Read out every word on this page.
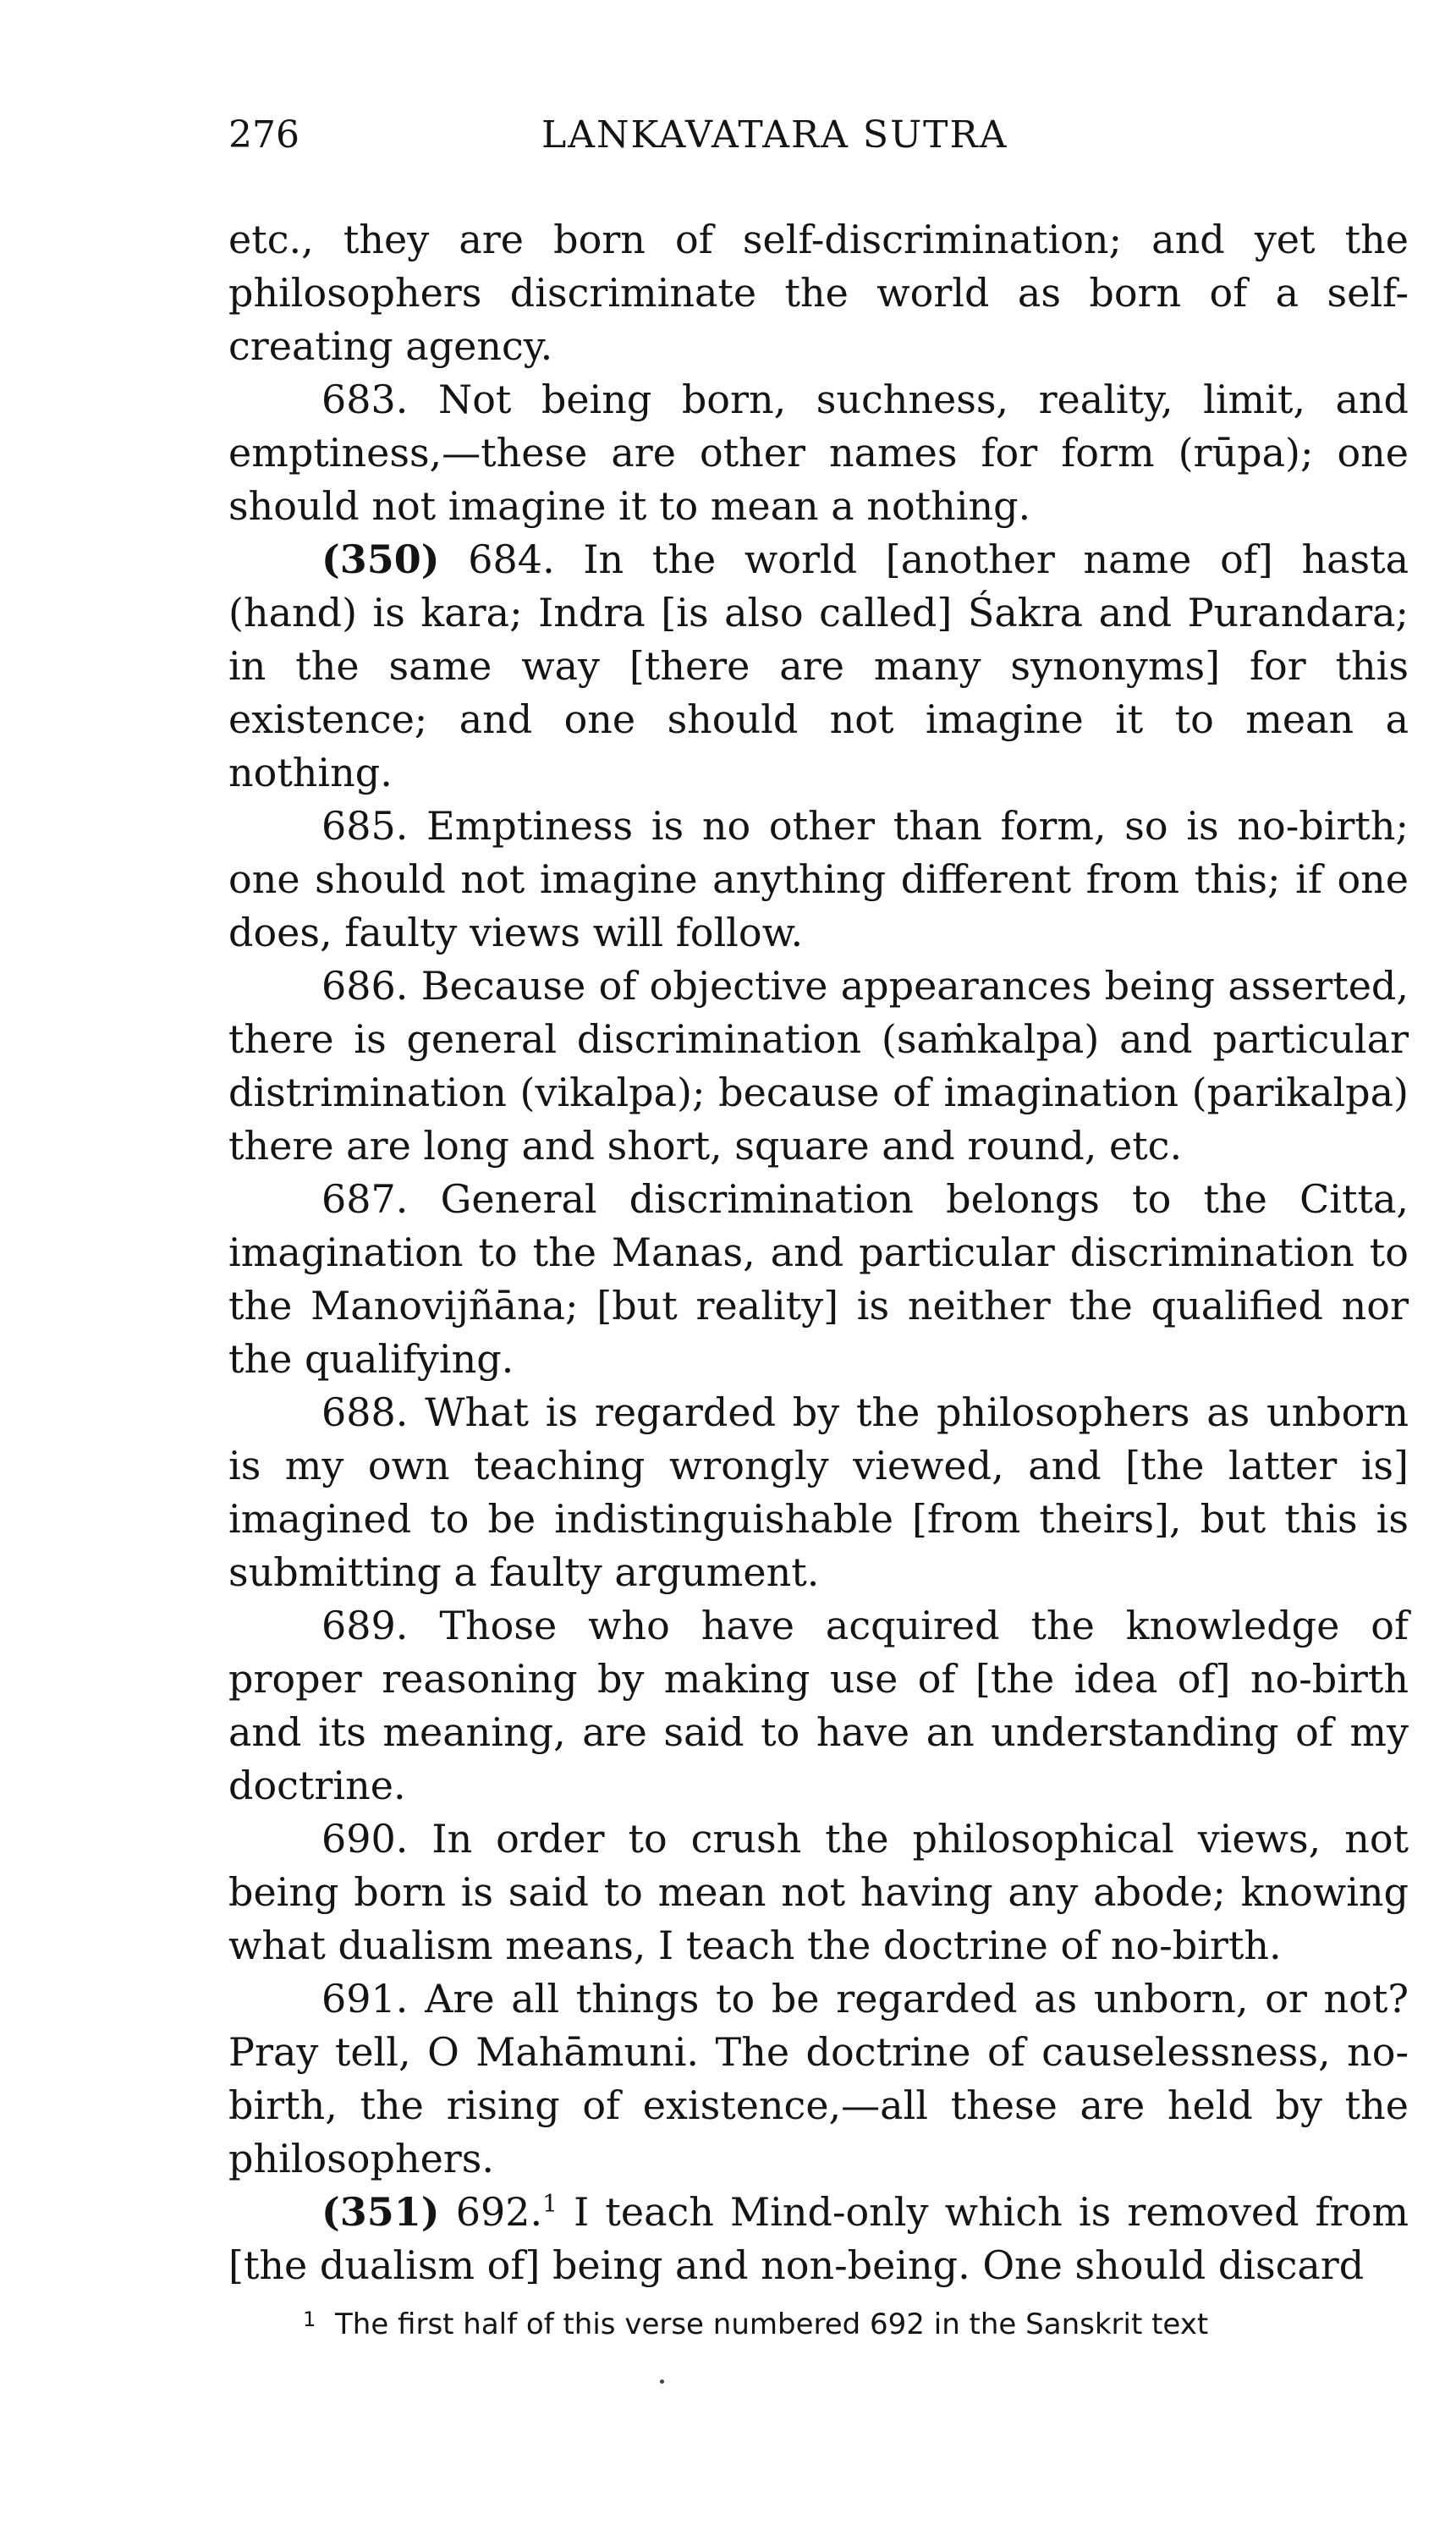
276	LANKAVATARA SUTRA

etc., they are born of self-discrimination; and yet the philosophers discriminate the world as born of a self-creating agency.

683. Not being born, suchness, reality, limit, and emptiness,—these are other names for form (rūpa); one should not imagine it to mean a nothing.

(350) 684. In the world [another name of] hasta (hand) is kara; Indra [is also called] Śakra and Purandara; in the same way [there are many synonyms] for this existence; and one should not imagine it to mean a nothing.

685. Emptiness is no other than form, so is no-birth; one should not imagine anything different from this; if one does, faulty views will follow.

686. Because of objective appearances being asserted, there is general discrimination (saṁkalpa) and particular distrimination (vikalpa); because of imagination (parikalpa) there are long and short, square and round, etc.

687. General discrimination belongs to the Citta, imagination to the Manas, and particular discrimination to the Manovijñāna; [but reality] is neither the qualified nor the qualifying.

688. What is regarded by the philosophers as unborn is my own teaching wrongly viewed, and [the latter is] imagined to be indistinguishable [from theirs], but this is submitting a faulty argument.

689. Those who have acquired the knowledge of proper reasoning by making use of [the idea of] no-birth and its meaning, are said to have an understanding of my doctrine.

690. In order to crush the philosophical views, not being born is said to mean not having any abode; knowing what dualism means, I teach the doctrine of no-birth.

691. Are all things to be regarded as unborn, or not? Pray tell, O Mahāmuni. The doctrine of causelessness, no-birth, the rising of existence,—all these are held by the philosophers.

(351) 692.$^1$ I teach Mind-only which is removed from [the dualism of] being and non-being. One should discard

1 The first half of this verse numbered 692 in the Sanskrit text
